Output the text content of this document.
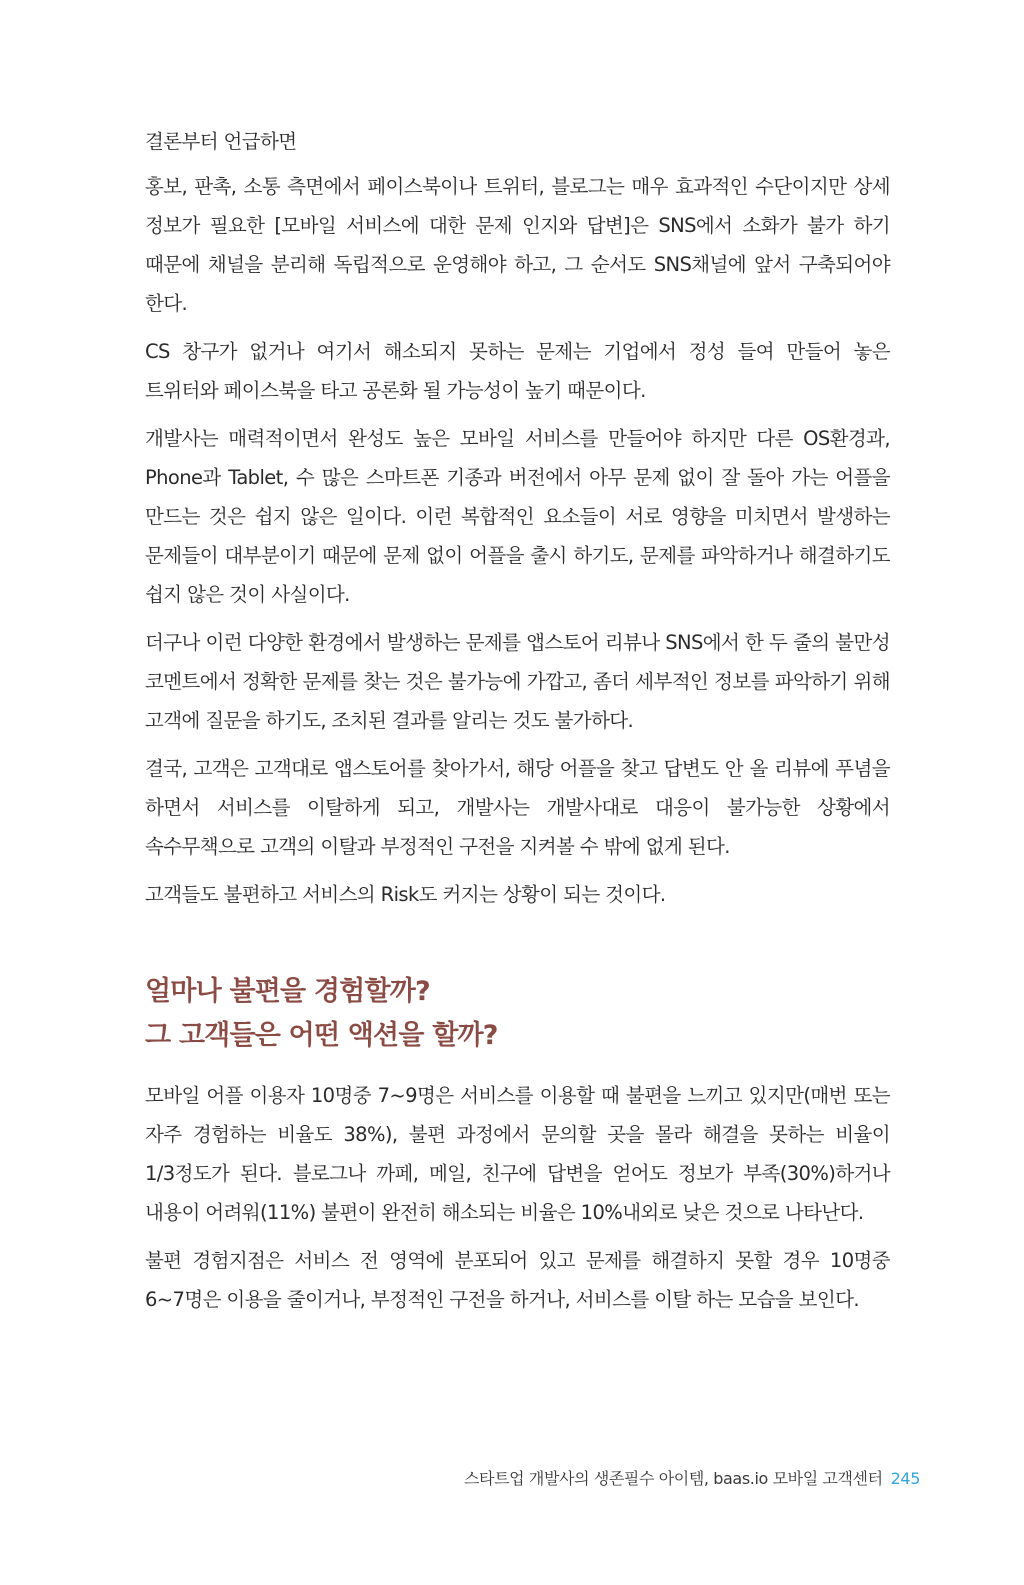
결론부터 언급하면

홍보, 판촉, 소통 측면에서 페이스북이나 트위터, 블로그는 매우 효과적인 수단이지만 상세 정보가 필요한 [모바일 서비스에 대한 문제 인지와 답변]은 SNS에서 소화가 불가 하기 때문에 채널을 분리해 독립적으로 운영해야 하고, 그 순서도 SNS채널에 앞서 구축되어야 한다.

CS 창구가 없거나 여기서 해소되지 못하는 문제는 기업에서 정성 들여 만들어 놓은 트위터와 페이스북을 타고 공론화 될 가능성이 높기 때문이다.

개발사는 매력적이면서 완성도 높은 모바일 서비스를 만들어야 하지만 다른 OS환경과, Phone과 Tablet, 수 많은 스마트폰 기종과 버전에서 아무 문제 없이 잘 돌아 가는 어플을 만드는 것은 쉽지 않은 일이다. 이런 복합적인 요소들이 서로 영향을 미치면서 발생하는 문제들이 대부분이기 때문에 문제 없이 어플을 출시 하기도, 문제를 파악하거나 해결하기도 쉽지 않은 것이 사실이다.

더구나 이런 다양한 환경에서 발생하는 문제를 앱스토어 리뷰나 SNS에서 한 두 줄의 불만성 코멘트에서 정확한 문제를 찾는 것은 불가능에 가깝고, 좀더 세부적인 정보를 파악하기 위해 고객에 질문을 하기도, 조치된 결과를 알리는 것도 불가하다.

결국, 고객은 고객대로 앱스토어를 찾아가서, 해당 어플을 찾고 답변도 안 올 리뷰에 푸념을 하면서 서비스를 이탈하게 되고, 개발사는 개발사대로 대응이 불가능한 상황에서 속수무책으로 고객의 이탈과 부정적인 구전을 지켜볼 수 밖에 없게 된다.

고객들도 불편하고 서비스의 Risk도 커지는 상황이 되는 것이다.

얼마나 불편을 경험할까?
그 고객들은 어떤 액션을 할까?

모바일 어플 이용자 10명중 7~9명은 서비스를 이용할 때 불편을 느끼고 있지만(매번 또는 자주 경험하는 비율도 38%), 불편 과정에서 문의할 곳을 몰라 해결을 못하는 비율이 1/3정도가 된다. 블로그나 까페, 메일, 친구에 답변을 얻어도 정보가 부족(30%)하거나 내용이 어려워(11%) 불편이 완전히 해소되는 비율은 10%내외로 낮은 것으로 나타난다.

불편 경험지점은 서비스 전 영역에 분포되어 있고 문제를 해결하지 못할 경우 10명중 6~7명은 이용을 줄이거나, 부정적인 구전을 하거나, 서비스를 이탈 하는 모습을 보인다.

스타트업 개발사의 생존필수 아이템, baas.io 모바일 고객센터 245
